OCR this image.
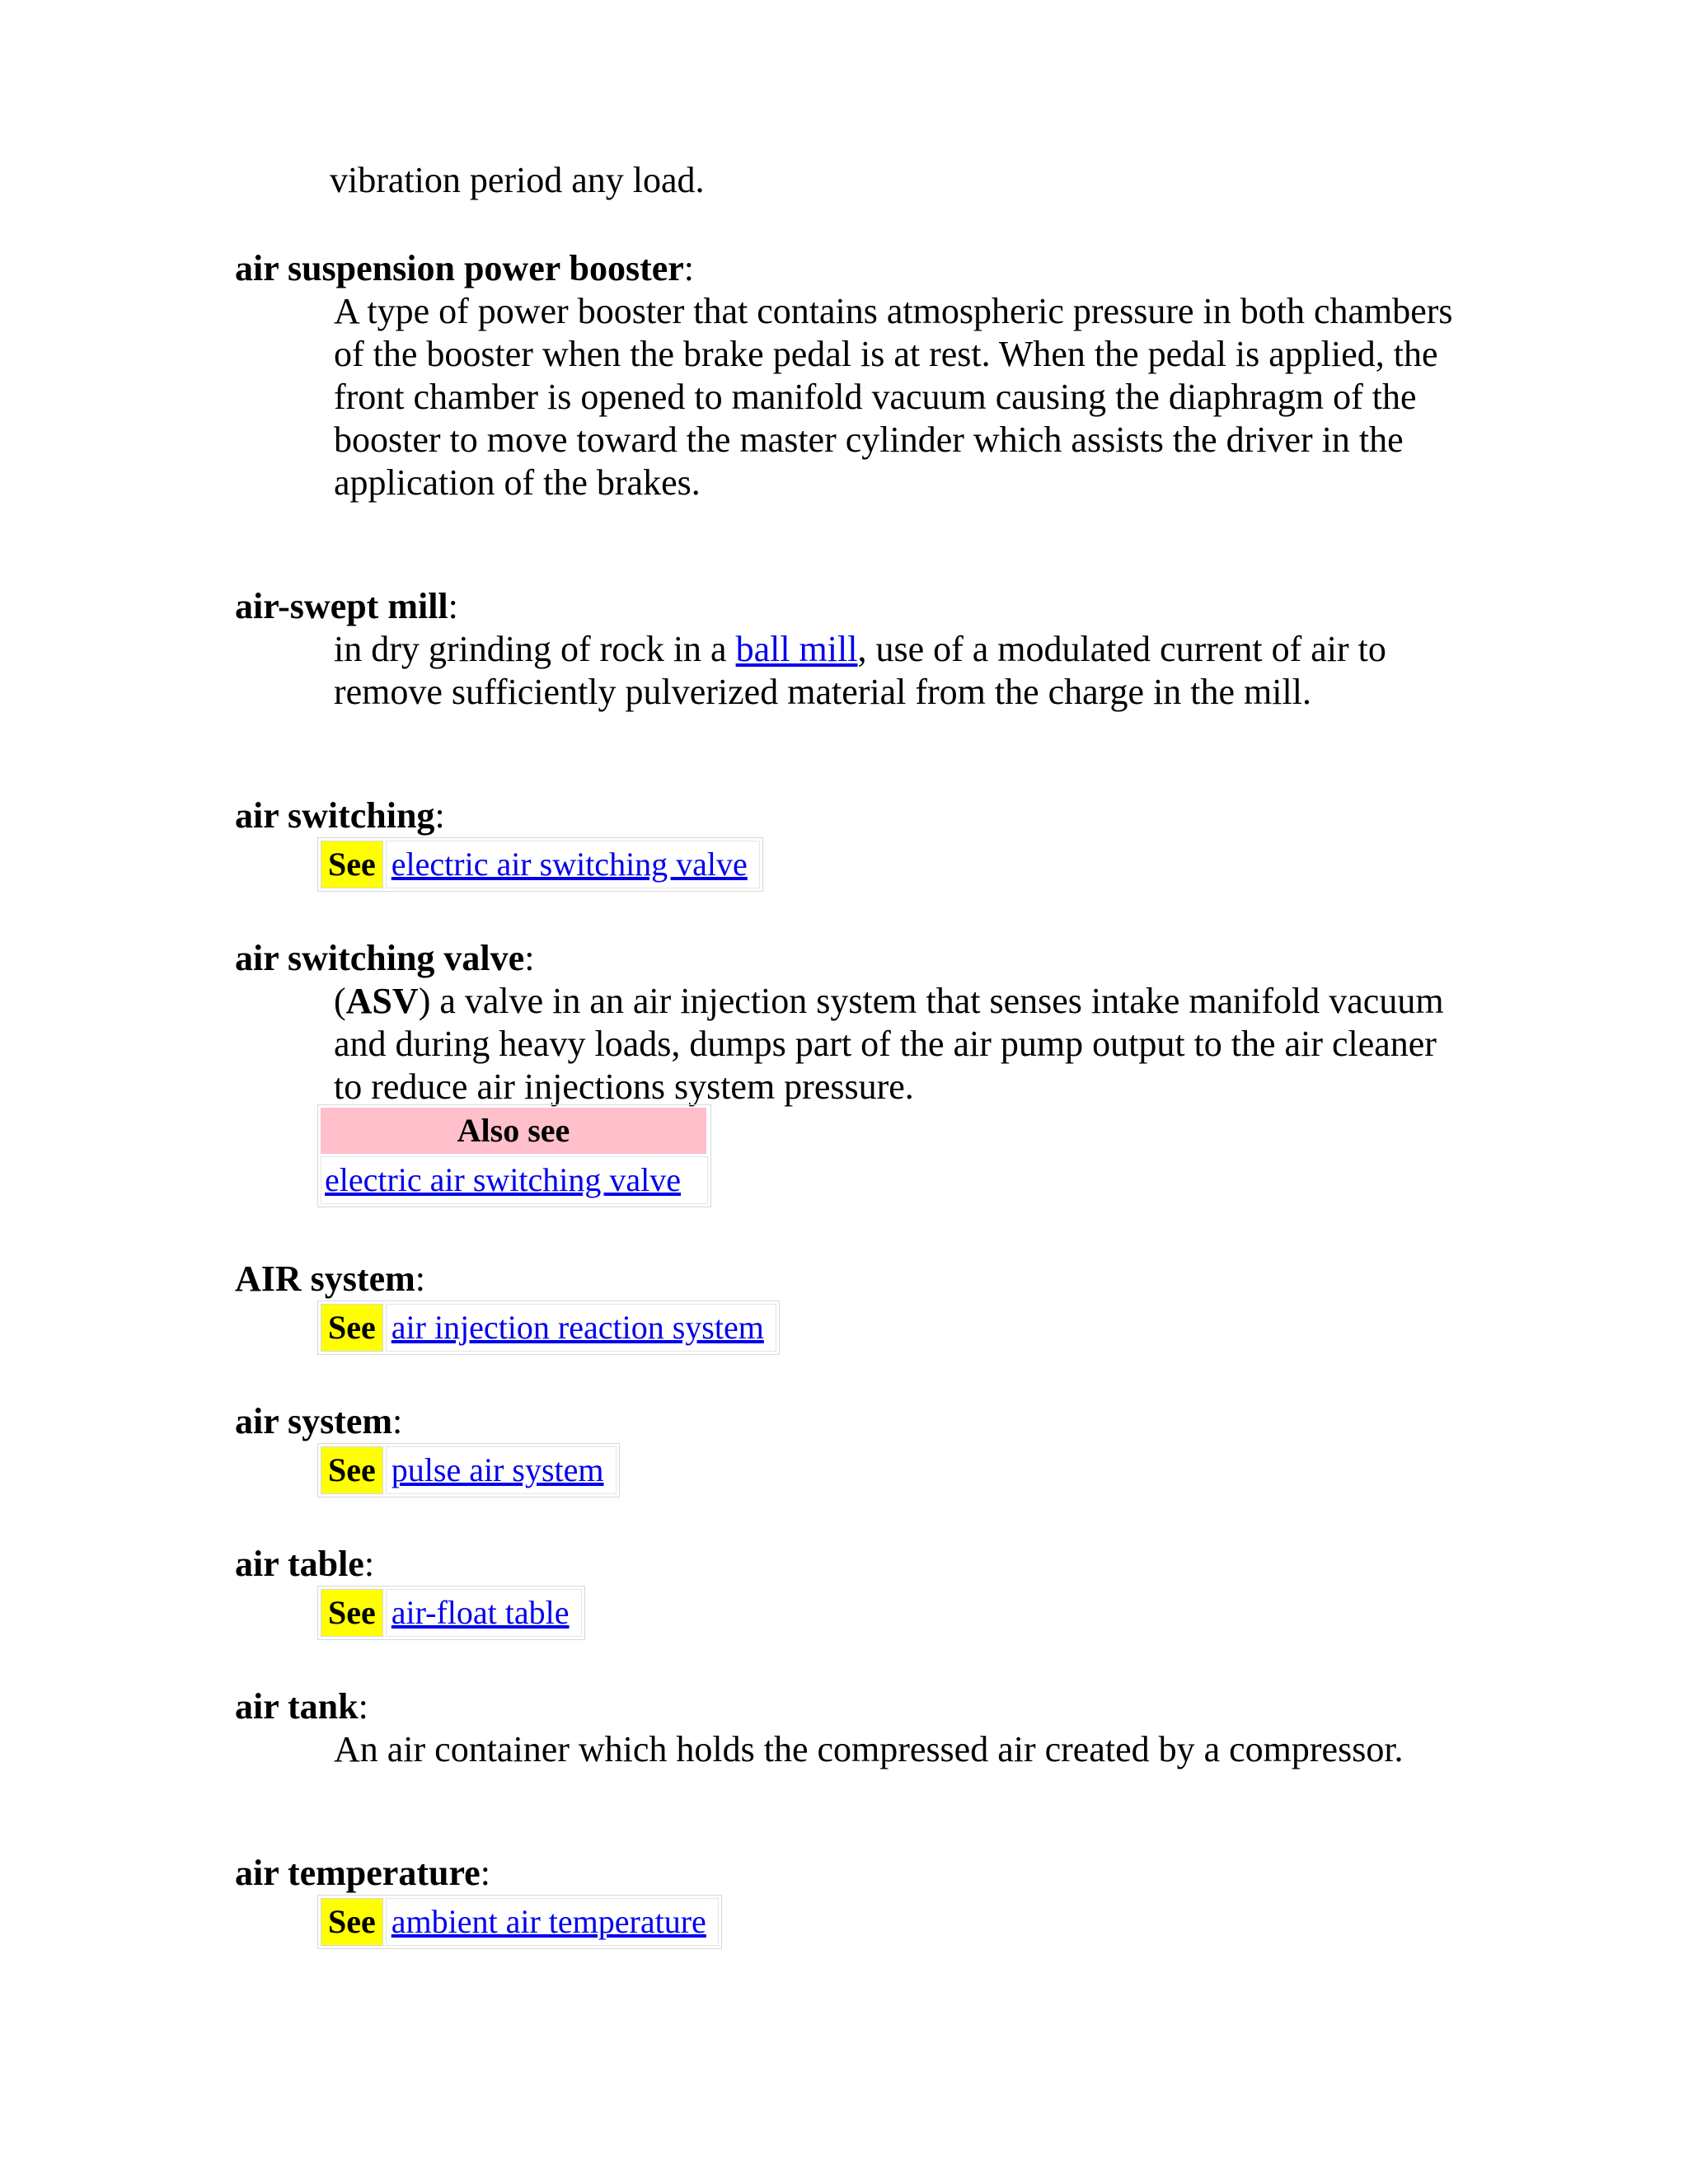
vibration period any load.
air suspension power booster:
A type of power booster that contains atmospheric pressure in both chambers of the booster when the brake pedal is at rest. When the pedal is applied, the front chamber is opened to manifold vacuum causing the diaphragm of the booster to move toward the master cylinder which assists the driver in the application of the brakes.
air-swept mill:
in dry grinding of rock in a ball mill, use of a modulated current of air to remove sufficiently pulverized material from the charge in the mill.
air switching:
See electric air switching valve
air switching valve:
(ASV) a valve in an air injection system that senses intake manifold vacuum and during heavy loads, dumps part of the air pump output to the air cleaner to reduce air injections system pressure.
Also see
electric air switching valve
AIR system:
See air injection reaction system
air system:
See pulse air system
air table:
See air-float table
air tank:
An air container which holds the compressed air created by a compressor.
air temperature:
See ambient air temperature
